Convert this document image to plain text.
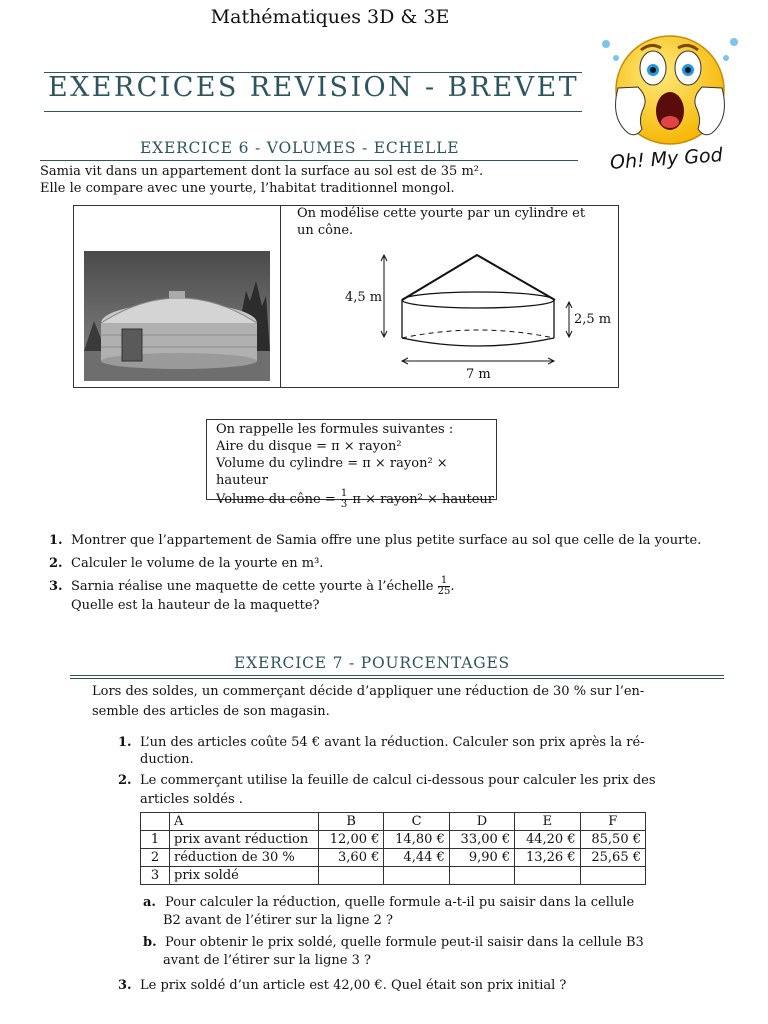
Mathématiques 3D & 3E
EXERCICES REVISION - BREVET
Oh! My God
EXERCICE 6 - VOLUMES - ECHELLE
Samia vit dans un appartement dont la surface au sol est de 35 m².
Elle le compare avec une yourte, l’habitat traditionnel mongol.
On modélise cette yourte par un cylindre et un cône.
4,5 m
2,5 m
7 m
On rappelle les formules suivantes :
Aire du disque = π × rayon²
Volume du cylindre = π × rayon² × hauteur
Volume du cône = $\frac{1}{3}$ π × rayon² × hauteur
1. Montrer que l’appartement de Samia offre une plus petite surface au sol que celle de la yourte.
2. Calculer le volume de la yourte en m³.
3. Sarnia réalise une maquette de cette yourte à l’échelle $\frac{1}{25}$ .
Quelle est la hauteur de la maquette?
EXERCICE 7 - POURCENTAGES
Lors des soldes, un commerçant décide d’appliquer une réduction de 30 % sur l’en-
semble des articles de son magasin.
1. L’un des articles coûte 54 € avant la réduction. Calculer son prix après la ré-
duction.
2. Le commerçant utilise la feuille de calcul ci-dessous pour calculer les prix des
articles soldés .
	A	B	C	D	E	F
1	prix avant réduction	12,00 €	14,80 €	33,00 €	44,20 €	85,50 €
2	réduction de 30 %	3,60 €	4,44 €	9,90 €	13,26 €	25,65 €
3	prix soldé					
a. Pour calculer la réduction, quelle formule a-t-il pu saisir dans la cellule
B2 avant de l’étirer sur la ligne 2 ?
b. Pour obtenir le prix soldé, quelle formule peut-il saisir dans la cellule B3
avant de l’étirer sur la ligne 3 ?
3. Le prix soldé d’un article est 42,00 €. Quel était son prix initial ?
